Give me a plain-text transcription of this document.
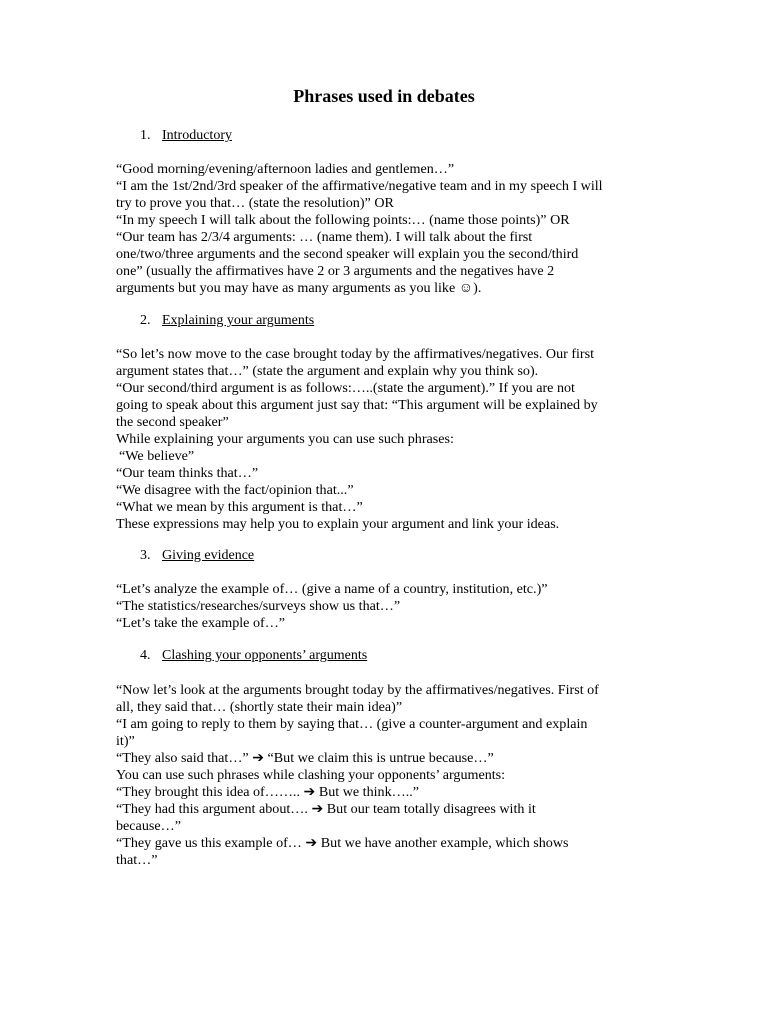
Phrases used in debates
1. Introductory
“Good morning/evening/afternoon ladies and gentlemen…”
“I am the 1st/2nd/3rd speaker of the affirmative/negative team and in my speech I will
try to prove you that… (state the resolution)” OR
“In my speech I will talk about the following points:… (name those points)” OR
“Our team has 2/3/4 arguments: … (name them). I will talk about the first
one/two/three arguments and the second speaker will explain you the second/third
one” (usually the affirmatives have 2 or 3 arguments and the negatives have 2
arguments but you may have as many arguments as you like ☺).
2. Explaining your arguments
“So let’s now move to the case brought today by the affirmatives/negatives. Our first
argument states that…” (state the argument and explain why you think so).
“Our second/third argument is as follows:…..(state the argument).” If you are not
going to speak about this argument just say that: “This argument will be explained by
the second speaker”
While explaining your arguments you can use such phrases:
“We believe”
“Our team thinks that…”
“We disagree with the fact/opinion that...”
“What we mean by this argument is that…”
These expressions may help you to explain your argument and link your ideas.
3. Giving evidence
“Let’s analyze the example of… (give a name of a country, institution, etc.)”
“The statistics/researches/surveys show us that…”
“Let’s take the example of…”
4. Clashing your opponents’ arguments
“Now let’s look at the arguments brought today by the affirmatives/negatives. First of
all, they said that… (shortly state their main idea)”
“I am going to reply to them by saying that… (give a counter-argument and explain
it)”
“They also said that…” ➔ “But we claim this is untrue because…”
You can use such phrases while clashing your opponents’ arguments:
“They brought this idea of…….. ➔ But we think…..”
“They had this argument about…. ➔ But our team totally disagrees with it
because…”
“They gave us this example of… ➔ But we have another example, which shows
that…”
